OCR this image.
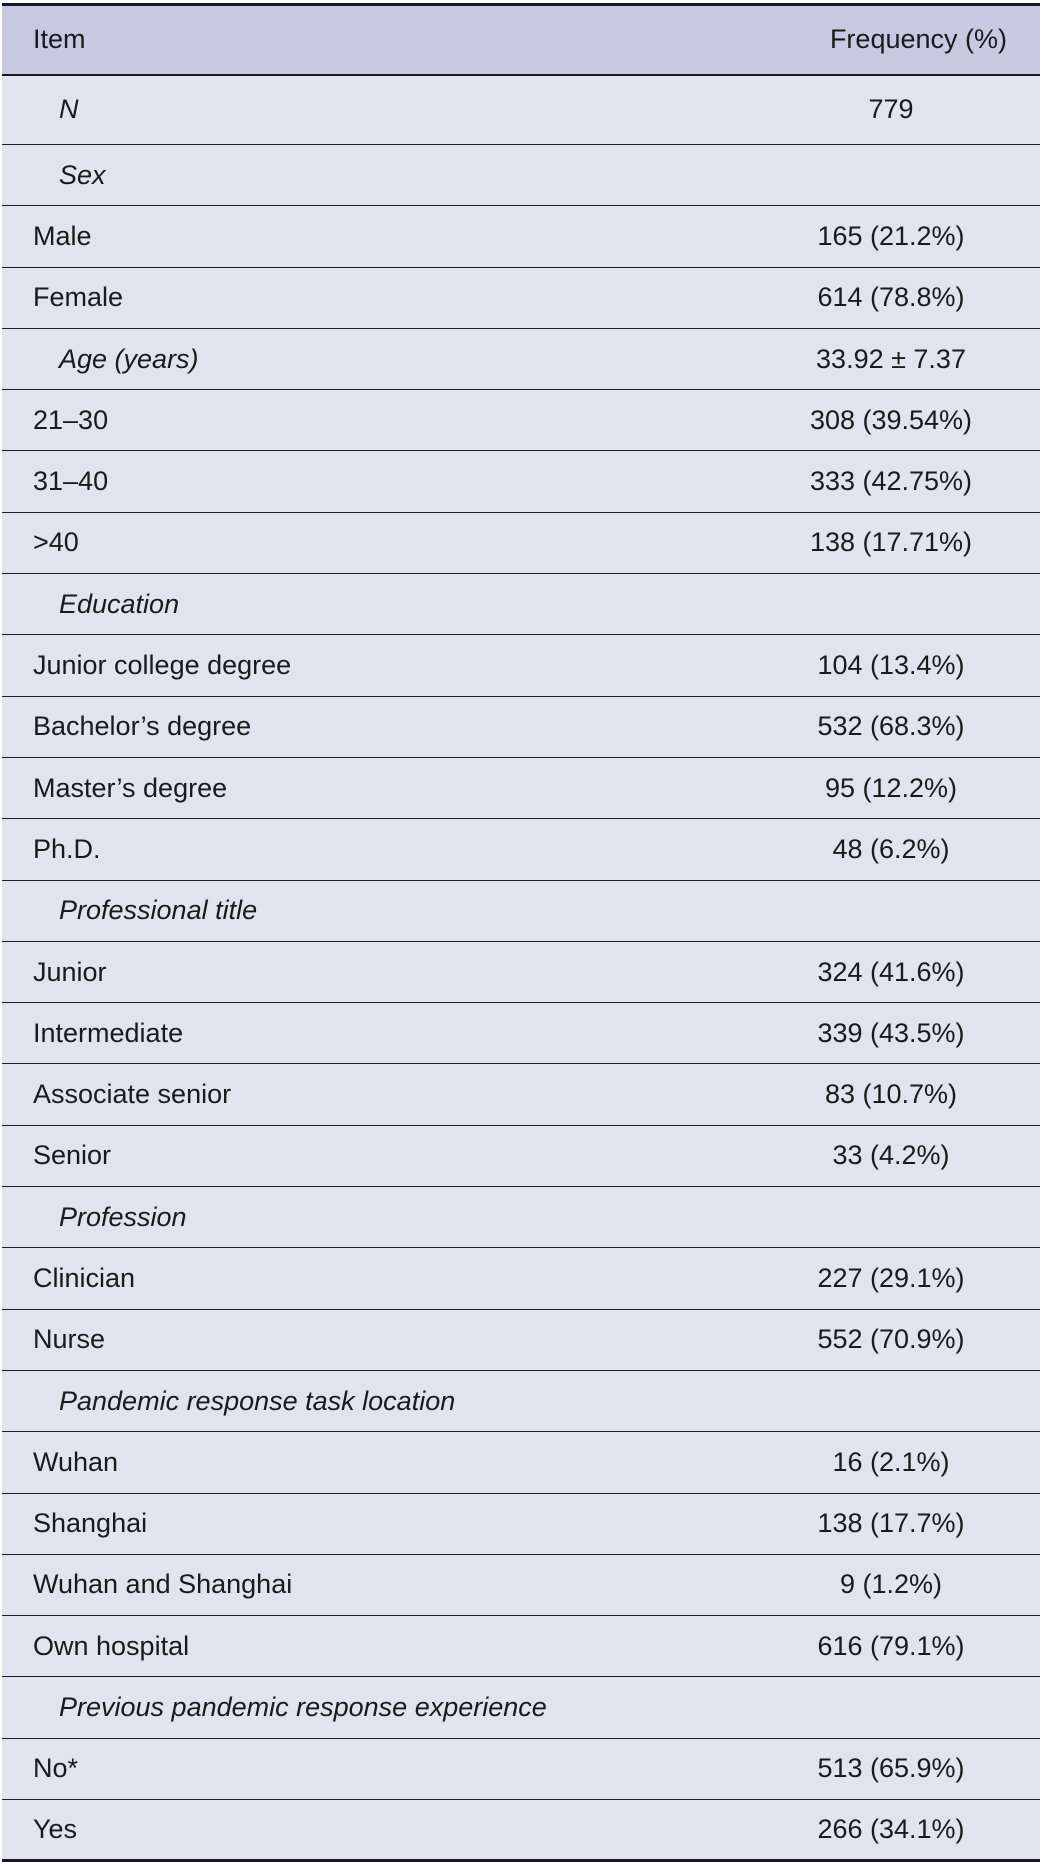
Item	Frequency (%)
N	779
Sex	
Male	165 (21.2%)
Female	614 (78.8%)
Age (years)	33.92 ± 7.37
21–30	308 (39.54%)
31–40	333 (42.75%)
>40	138 (17.71%)
Education	
Junior college degree	104 (13.4%)
Bachelor’s degree	532 (68.3%)
Master’s degree	95 (12.2%)
Ph.D.	48 (6.2%)
Professional title	
Junior	324 (41.6%)
Intermediate	339 (43.5%)
Associate senior	83 (10.7%)
Senior	33 (4.2%)
Profession	
Clinician	227 (29.1%)
Nurse	552 (70.9%)
Pandemic response task location	
Wuhan	16 (2.1%)
Shanghai	138 (17.7%)
Wuhan and Shanghai	9 (1.2%)
Own hospital	616 (79.1%)
Previous pandemic response experience	
No*	513 (65.9%)
Yes	266 (34.1%)
